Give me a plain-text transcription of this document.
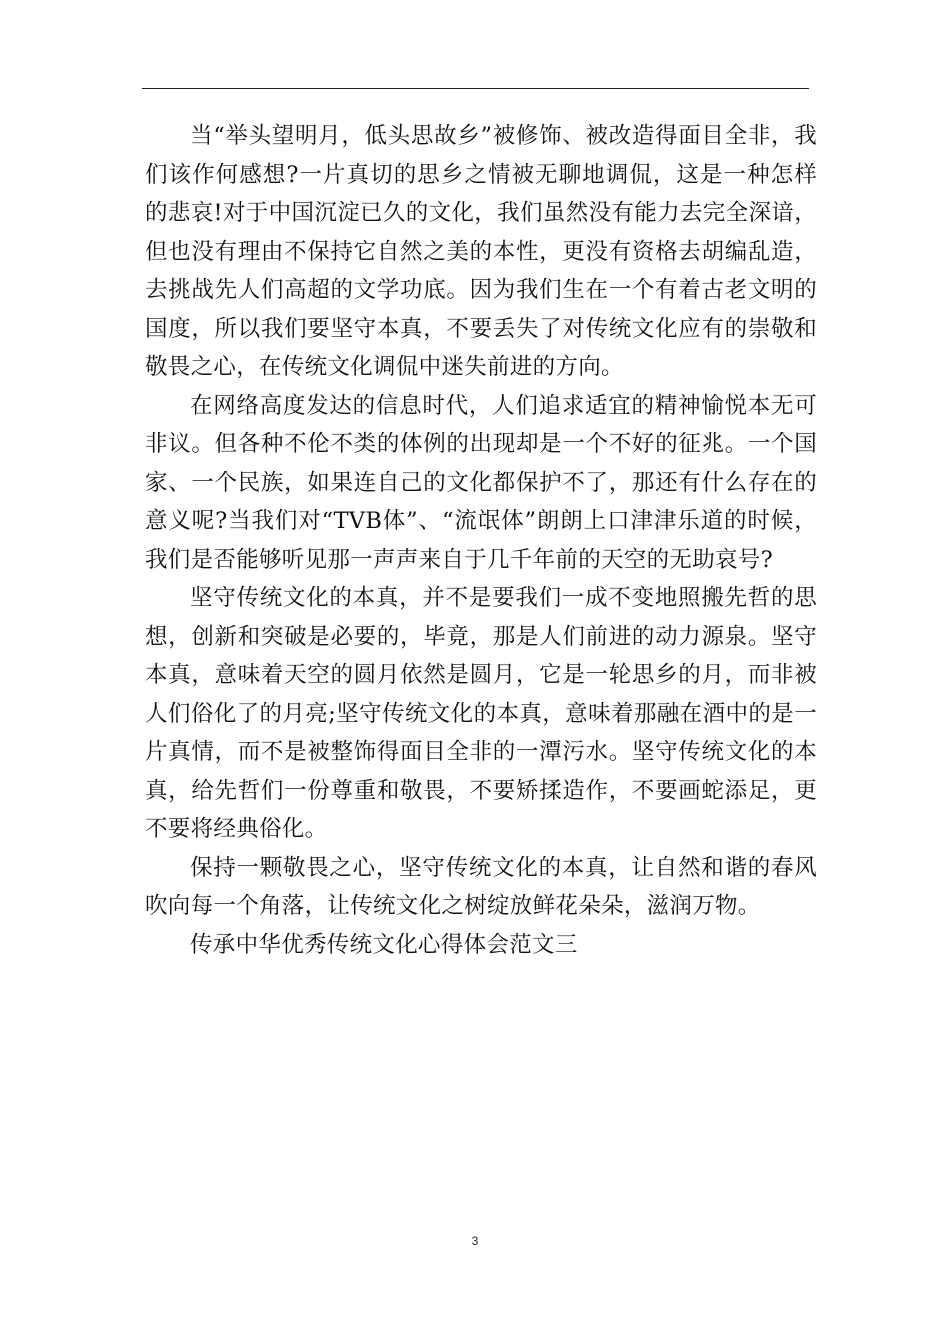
当“举头望明月，低头思故乡”被修饰、被改造得面目全非，我们该作何感想?一片真切的思乡之情被无聊地调侃，这是一种怎样的悲哀!对于中国沉淀已久的文化，我们虽然没有能力去完全深谙，但也没有理由不保持它自然之美的本性，更没有资格去胡编乱造，去挑战先人们高超的文学功底。因为我们生在一个有着古老文明的国度，所以我们要坚守本真，不要丢失了对传统文化应有的崇敬和敬畏之心，在传统文化调侃中迷失前进的方向。

在网络高度发达的信息时代，人们追求适宜的精神愉悦本无可非议。但各种不伦不类的体例的出现却是一个不好的征兆。一个国家、一个民族，如果连自己的文化都保护不了，那还有什么存在的意义呢?当我们对“TVB体”、“流氓体”朗朗上口津津乐道的时候，我们是否能够听见那一声声来自于几千年前的天空的无助哀号?

坚守传统文化的本真，并不是要我们一成不变地照搬先哲的思想，创新和突破是必要的，毕竟，那是人们前进的动力源泉。坚守本真，意味着天空的圆月依然是圆月，它是一轮思乡的月，而非被人们俗化了的月亮;坚守传统文化的本真，意味着那融在酒中的是一片真情，而不是被整饰得面目全非的一潭污水。坚守传统文化的本真，给先哲们一份尊重和敬畏，不要矫揉造作，不要画蛇添足，更不要将经典俗化。

保持一颗敬畏之心，坚守传统文化的本真，让自然和谐的春风吹向每一个角落，让传统文化之树绽放鲜花朵朵，滋润万物。

传承中华优秀传统文化心得体会范文三

3
